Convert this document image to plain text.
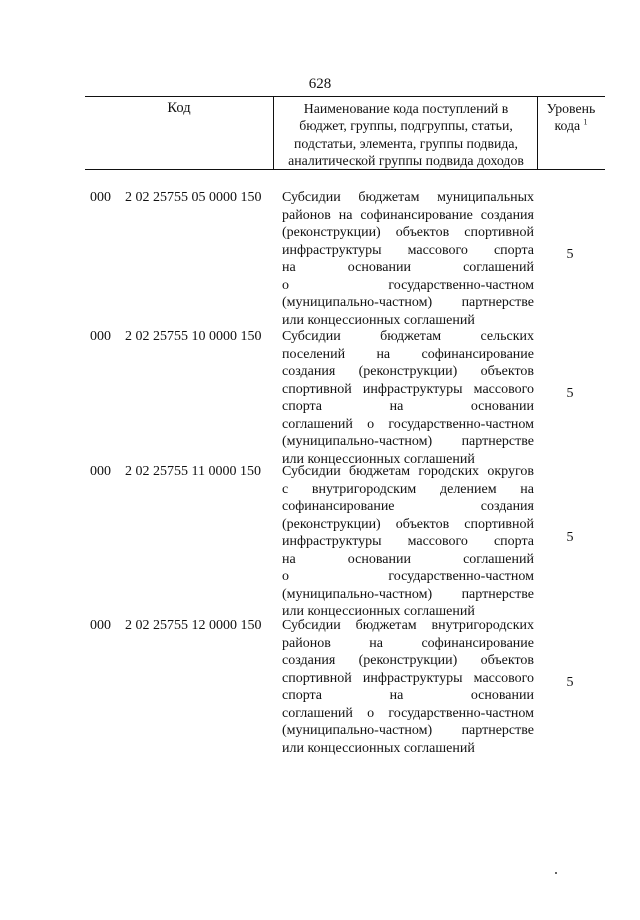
628
Код	Наименование кода поступлений в
бюджет, группы, подгруппы, статьи,
подстатьи, элемента, группы подвида,
аналитической группы подвида доходов
Уровень
кода $^1$
000 2 02 25755 05 0000 150 Субсидии бюджетам муниципальных
районов на софинансирование создания
(реконструкции) объектов спортивной
инфраструктуры массового спорта
на основании соглашений
о государственно-частном
(муниципально-частном) партнерстве
или концессионных соглашений
5
000 2 02 25755 10 0000 150 Субсидии бюджетам сельских
поселений на софинансирование
создания (реконструкции) объектов
спортивной инфраструктуры массового
спорта на основании
соглашений о государственно-частном
(муниципально-частном) партнерстве
или концессионных соглашений
5
000 2 02 25755 11 0000 150 Субсидии бюджетам городских округов
с внутригородским делением на
софинансирование создания
(реконструкции) объектов спортивной
инфраструктуры массового спорта
на основании соглашений
о государственно-частном
(муниципально-частном) партнерстве
или концессионных соглашений
5
000 2 02 25755 12 0000 150 Субсидии бюджетам внутригородских
районов на софинансирование
создания (реконструкции) объектов
спортивной инфраструктуры массового
спорта на основании
соглашений о государственно-частном
(муниципально-частном) партнерстве
или концессионных соглашений
5
